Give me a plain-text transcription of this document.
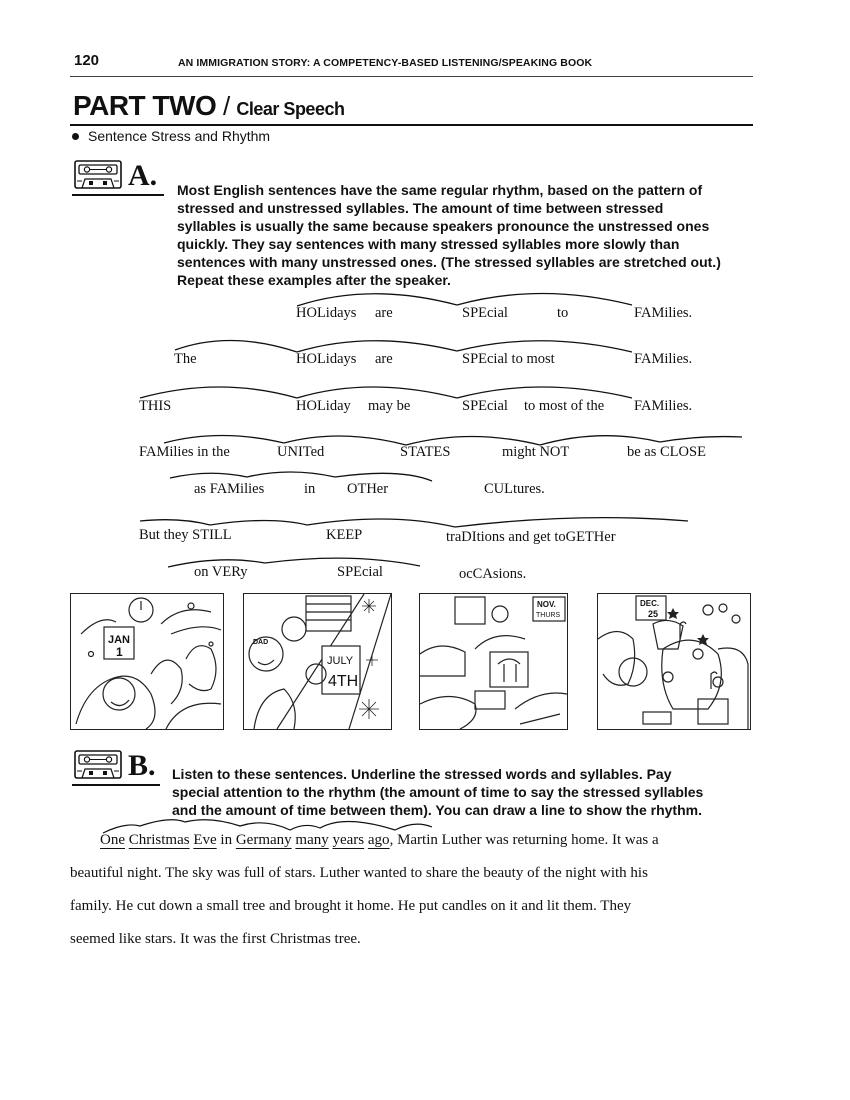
120	AN IMMIGRATION STORY: A COMPETENCY-BASED LISTENING/SPEAKING BOOK
PART TWO / Clear Speech
Sentence Stress and Rhythm
A. Most English sentences have the same regular rhythm, based on the pattern of
stressed and unstressed syllables. The amount of time between stressed
syllables is usually the same because speakers pronounce the unstressed ones
quickly. They say sentences with many stressed syllables more slowly than
sentences with many unstressed ones. (The stressed syllables are stretched out.)
Repeat these examples after the speaker.
HOLidays are	SPEcial	to	FAMilies.
The	HOLidays are	SPEcial to most	FAMilies.
THIS	HOLiday may be	SPEcial to most of the FAMilies.
FAMilies in the	UNITed	STATES	might NOT	be as CLOSE
as FAMilies	in OTHer	CULtures.
But they STILL	KEEP	traDItions and get toGETHer
on VERy	SPEcial	ocCAsions.
JAN
1
DAD
JULY
4TH
NOV.
THURS
DEC.
25
B. Listen to these sentences. Underline the stressed words and syllables. Pay
special attention to the rhythm (the amount of time to say the stressed syllables
and the amount of time between them). You can draw a line to show the rhythm.
One Christmas Eve in Germany many years ago, Martin Luther was returning home. It was a
beautiful night. The sky was full of stars. Luther wanted to share the beauty of the night with his
family. He cut down a small tree and brought it home. He put candles on it and lit them. They
seemed like stars. It was the first Christmas tree.
